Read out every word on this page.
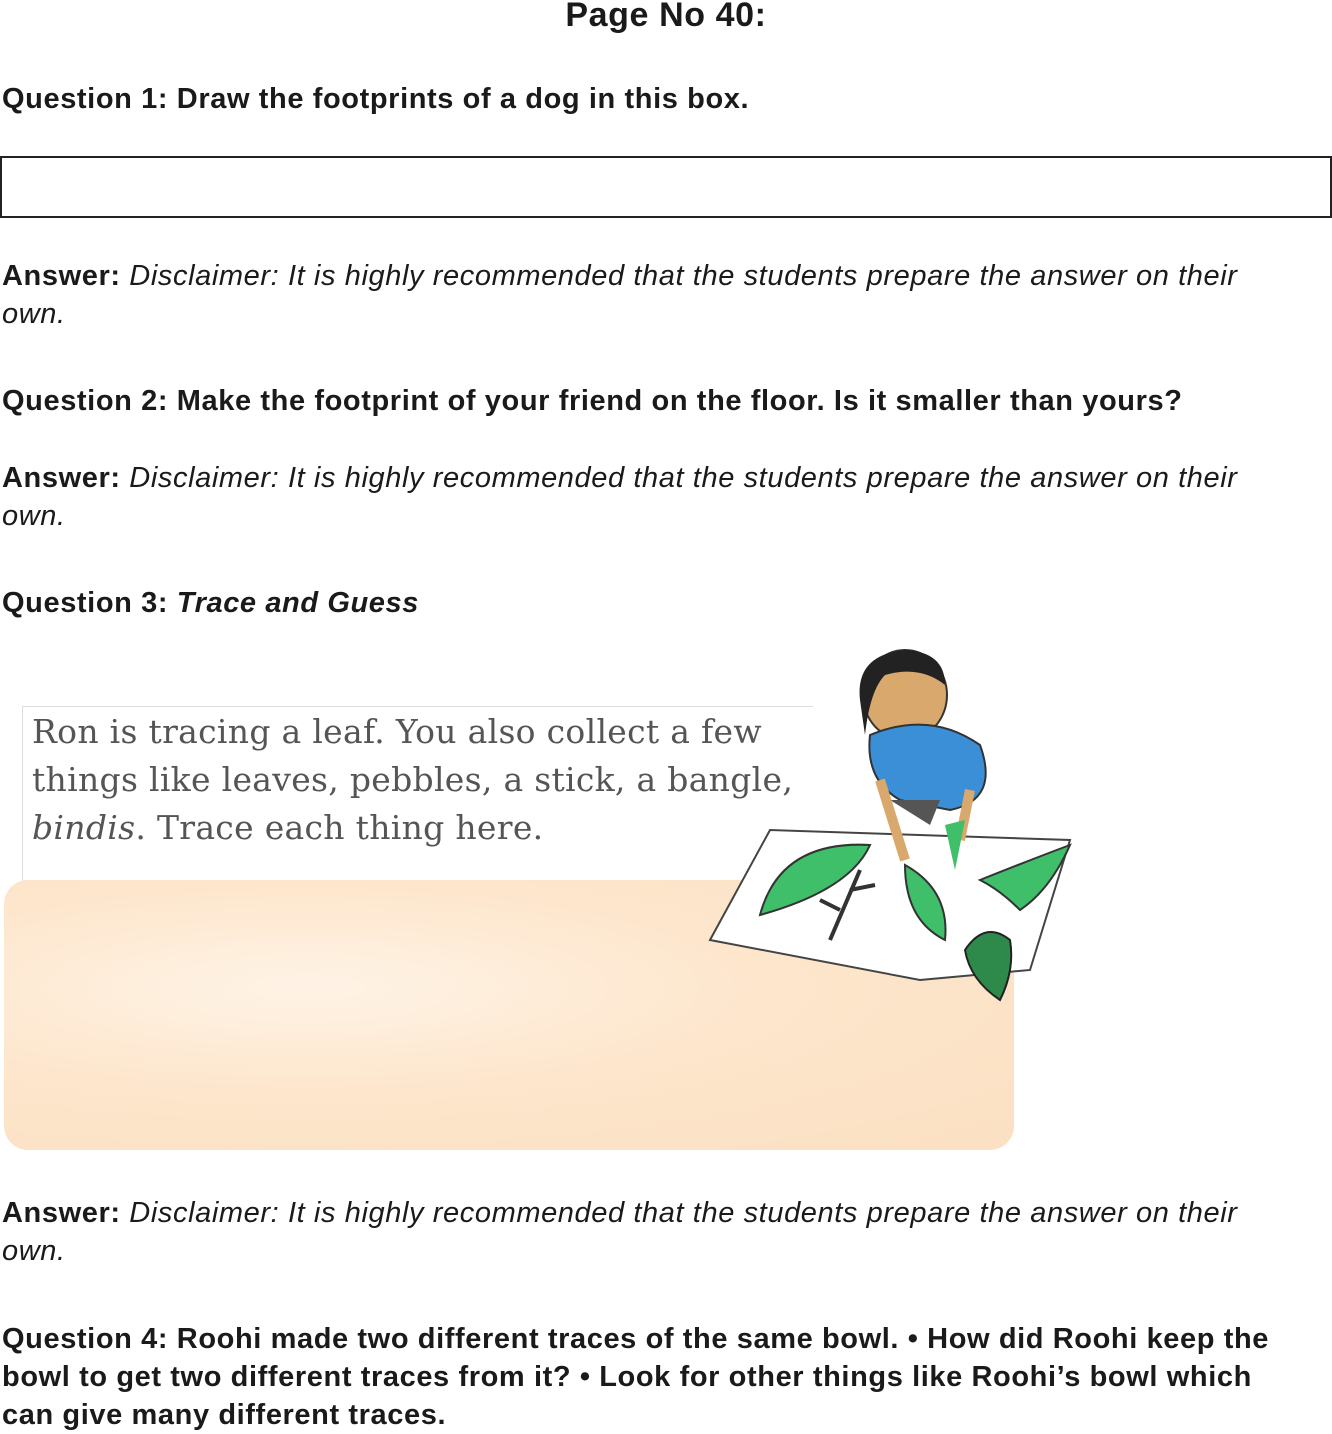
Page No 40:
Question 1: Draw the footprints of a dog in this box.
Answer: Disclaimer: It is highly recommended that the students prepare the answer on their own.
Question 2: Make the footprint of your friend on the floor. Is it smaller than yours?
Answer: Disclaimer: It is highly recommended that the students prepare the answer on their own.
Question 3: Trace and Guess
Ron is tracing a leaf. You also collect a few things like leaves, pebbles, a stick, a bangle, bindis. Trace each thing here.
Answer: Disclaimer: It is highly recommended that the students prepare the answer on their own.
Question 4: Roohi made two different traces of the same bowl. • How did Roohi keep the bowl to get two different traces from it? • Look for other things like Roohi’s bowl which can give many different traces.
